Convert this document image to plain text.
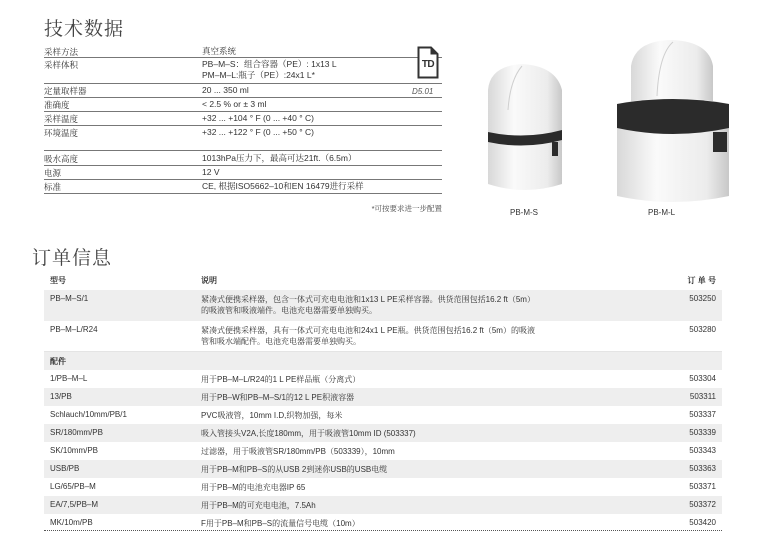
技术数据
采样方法	真空系统
采样体积	PB–M–S：组合容器（PE）: 1x13 L
PM–M–L:瓶子（PE）:24x1 L*
定量取样器	20 ... 350 ml
准确度	< 2.5 % or ± 3 ml
采样温度	+32 ... +104 ° F (0 ... +40 ° C)
环境温度	+32 ... +122 ° F (0 ... +50 ° C)
吸水高度	1013hPa压力下，最高可达21ft.（6.5m）
电源	12 V
标准	CE, 根据ISO5662–10和EN 16479进行采样
*可按要求进一步配置
TD
D5.01
PB-M-S	PB-M-L
订单信息
型号	说明	订 单 号
PB–M–S/1	紧凑式便携采样器，包含一体式可充电电池和1x13 L PE采样容器。供货范围包括16.2 ft（5m）
的吸液管和吸液端件。电池充电器需要单独购买。
503250
PB–M–L/R24	紧凑式便携采样器，具有一体式可充电电池和24x1 L PE瓶。供货范围包括16.2 ft（5m）的吸液
管和吸水端配件。电池充电器需要单独购买。
503280
配件
1/PB–M–L	用于PB–M–L/R24的1 L PE样品瓶（分离式）	503304
13/PB	用于PB–W和PB–M–S/1的12 L PE积液容器	503311
Schlauch/10mm/PB/1	PVC吸液管，10mm I.D,织物加强，每米	503337
SR/180mm/PB	吸入管接头V2A,长度180mm，用于吸液管10mm ID (503337)	503339
SK/10mm/PB	过滤器，用于吸液管SR/180mm/PB（503339），10mm	503343
USB/PB	用于PB–M和PB–S的从USB 2到迷你USB的USB电缆	503363
LG/65/PB–M	用于PB–M的电池充电器IP 65	503371
EA/7,5/PB–M	用于PB–M的可充电电池，7.5Ah	503372
MK/10m/PB	F用于PB–M和PB–S的流量信号电缆（10m）	503420
